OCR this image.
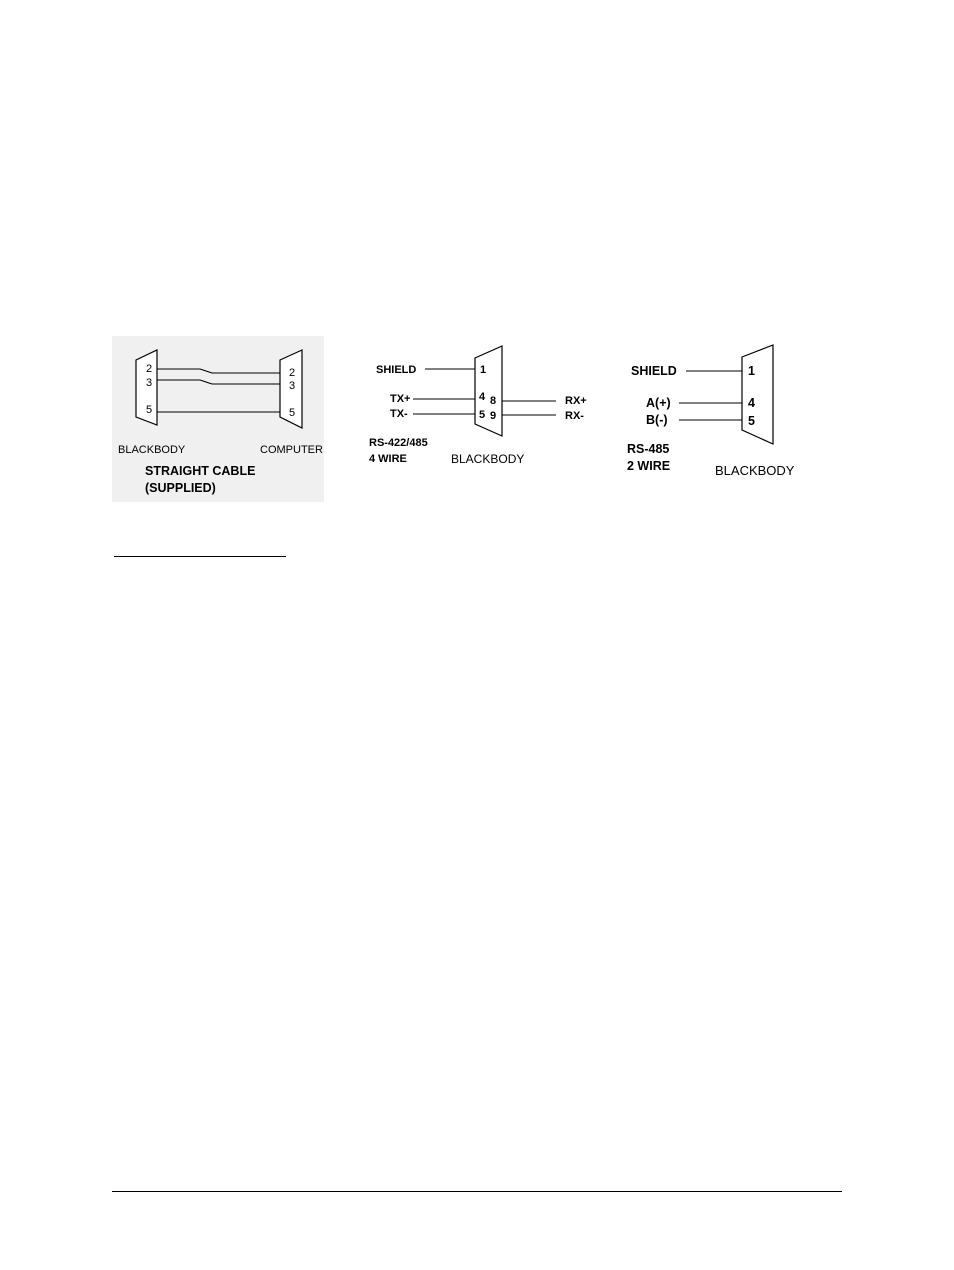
2
3
5
2
3
5
BLACKBODY	COMPUTER
STRAIGHT CABLE
(SUPPLIED)
SHIELD	1
TX+
TX-
4
5
8
9
RX+
RX-
RS-422/485
4 WIRE	BLACKBODY
SHIELD
A(+)
B(-)
1
4
5
RS-485
2 WIRE	BLACKBODY
